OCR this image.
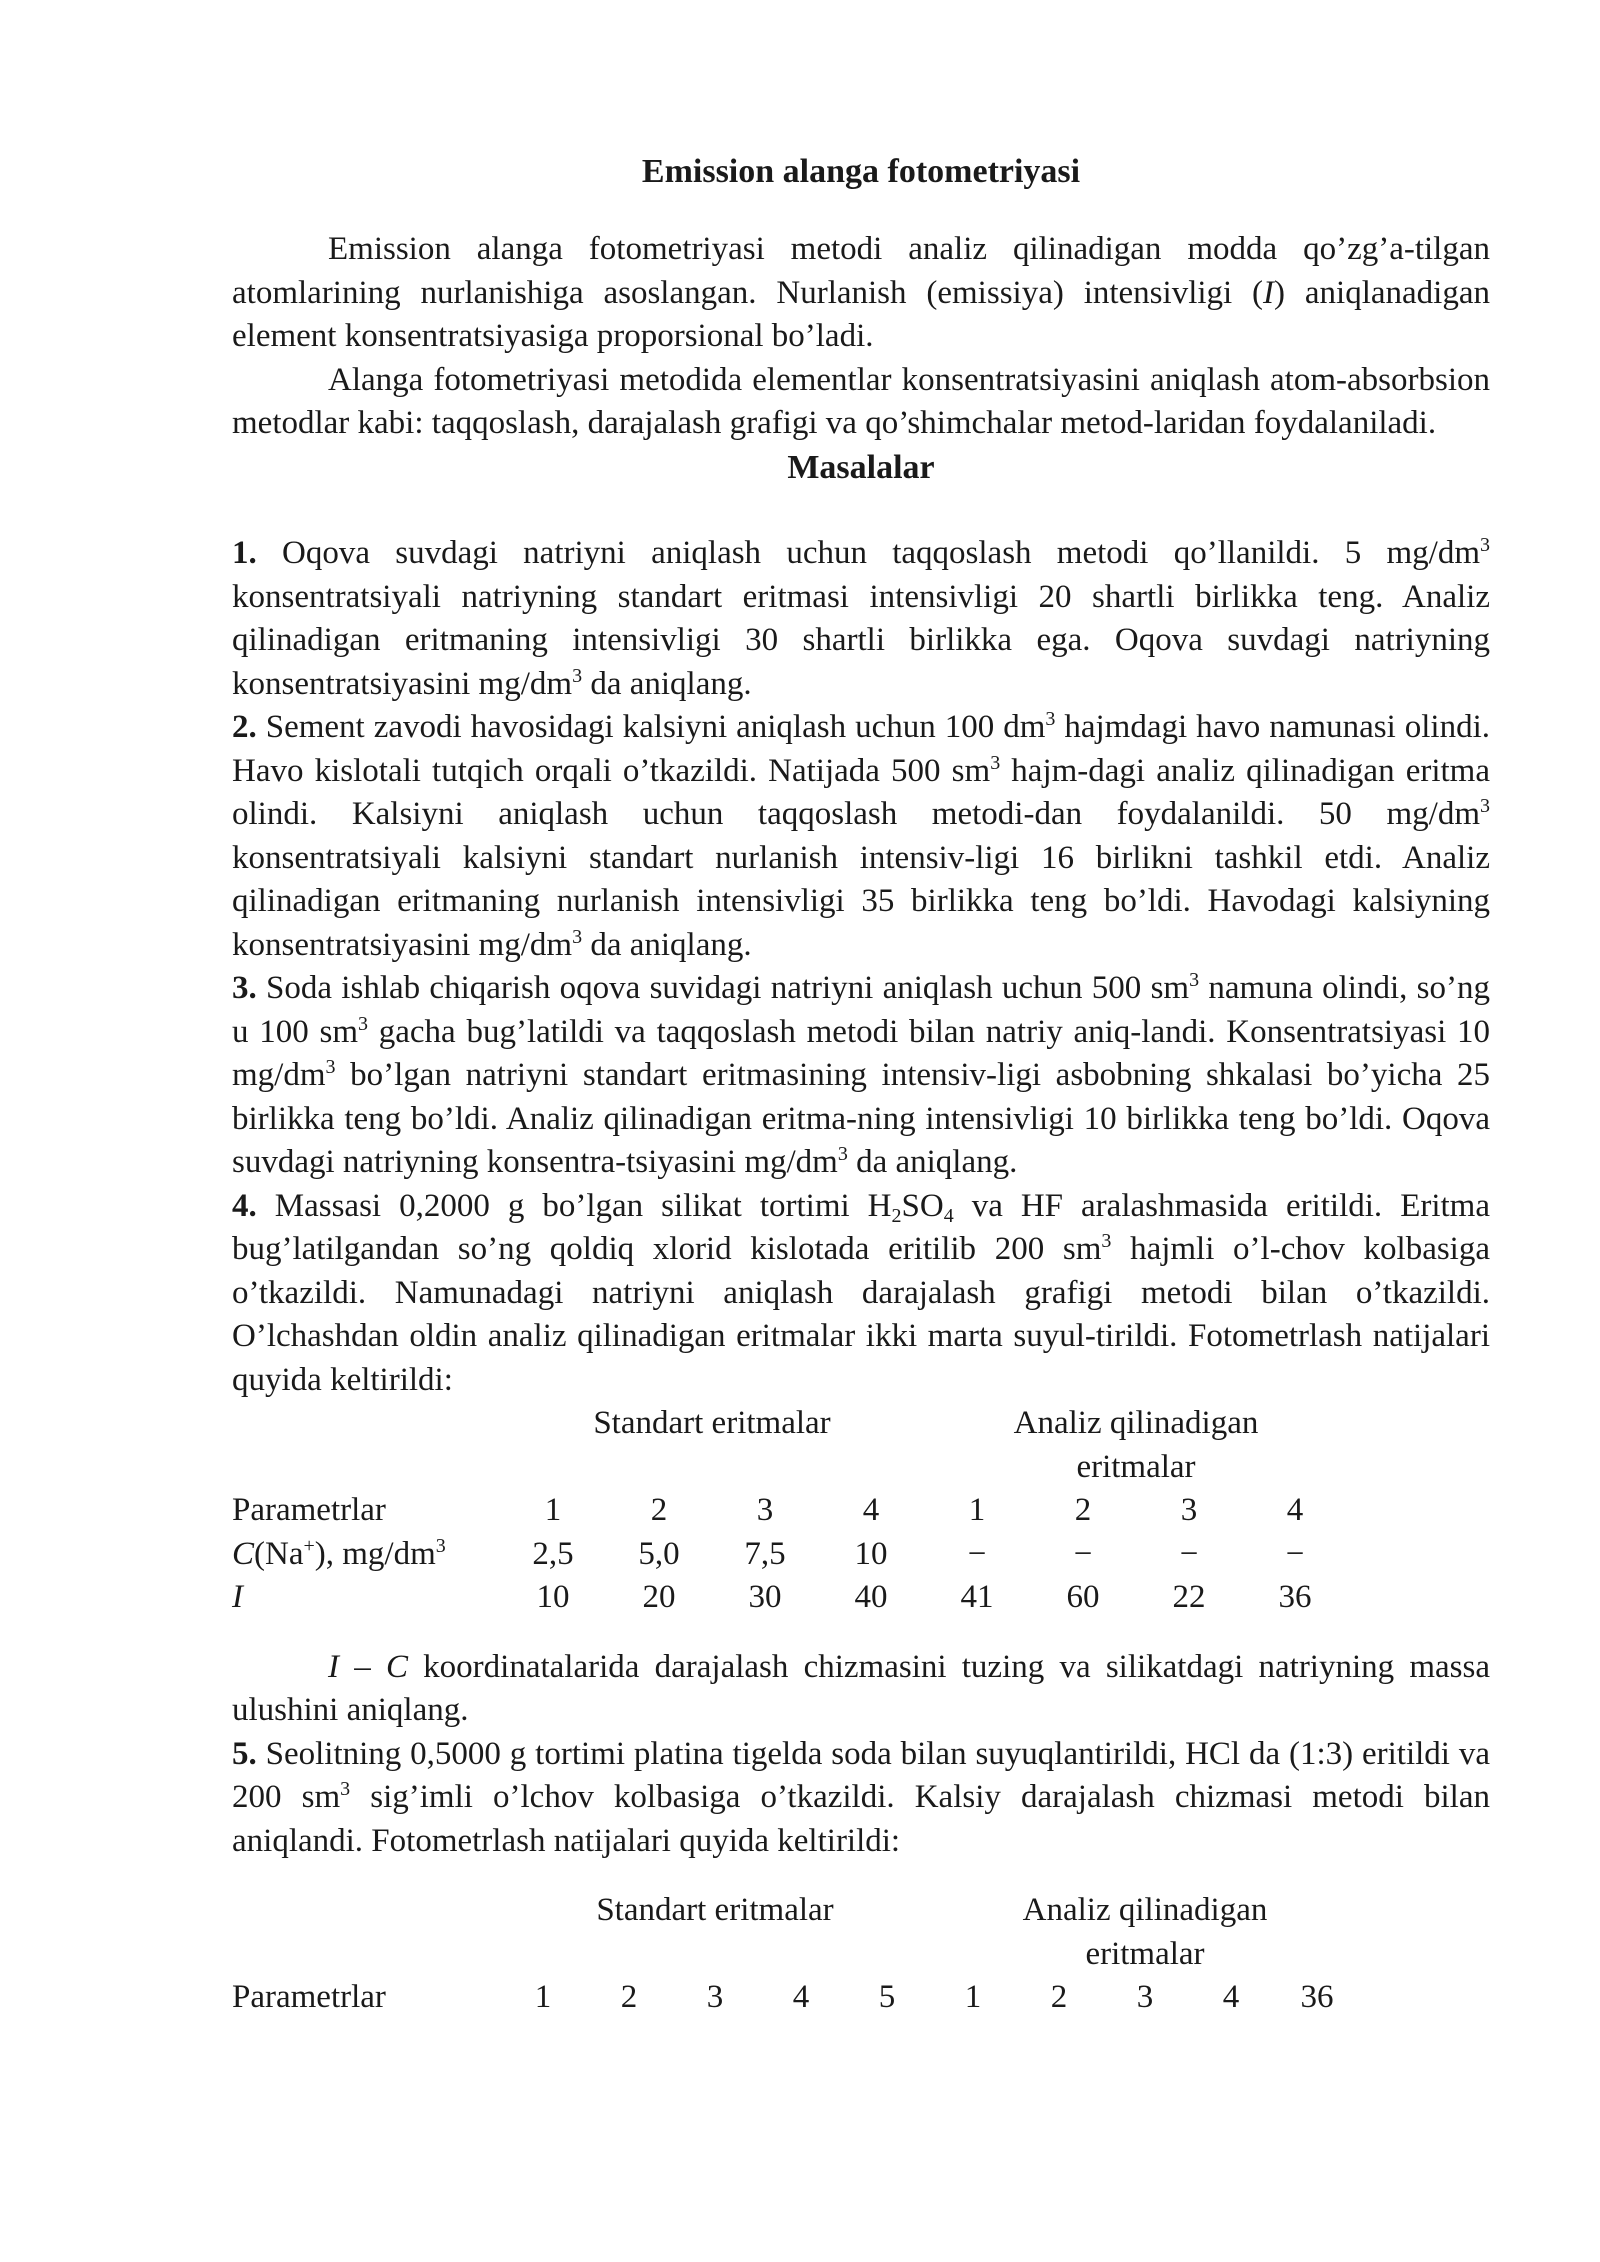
Emission alanga fotometriyasi

Emission alanga fotometriyasi metodi analiz qilinadigan modda qo’zg’a-tilgan atomlarining nurlanishiga asoslangan. Nurlanish (emissiya) intensivligi (I) aniqlanadigan element konsentratsiyasiga proporsional bo’ladi.

Alanga fotometriyasi metodida elementlar konsentratsiyasini aniqlash atom-absorbsion metodlar kabi: taqqoslash, darajalash grafigi va qo’shimchalar metod-laridan foydalaniladi.

Masalalar

1. Oqova suvdagi natriyni aniqlash uchun taqqoslash metodi qo’llanildi. 5 $mg/dm^3$ konsentratsiyali natriyning standart eritmasi intensivligi 20 shartli birlikka teng. Analiz qilinadigan eritmaning intensivligi 30 shartli birlikka ega. Oqova suvdagi natriyning konsentratsiyasini $mg/dm^3$ da aniqlang.

2. Sement zavodi havosidagi kalsiyni aniqlash uchun 100 $dm^3$ hajmdagi havo namunasi olindi. Havo kislotali tutqich orqali o’tkazildi. Natijada 500 $sm^3$ hajm-dagi analiz qilinadigan eritma olindi. Kalsiyni aniqlash uchun taqqoslash metodi-dan foydalanildi. 50 $mg/dm^3$ konsentratsiyali kalsiyni standart nurlanish intensiv-ligi 16 birlikni tashkil etdi. Analiz qilinadigan eritmaning nurlanish intensivligi 35 birlikka teng bo’ldi. Havodagi kalsiyning konsentratsiyasini $mg/dm^3$ da aniqlang.

3. Soda ishlab chiqarish oqova suvidagi natriyni aniqlash uchun 500 $sm^3$ namuna olindi, so’ng u 100 $sm^3$ gacha bug’latildi va taqqoslash metodi bilan natriy aniq-landi. Konsentratsiyasi 10 $mg/dm^3$ bo’lgan natriyni standart eritmasining intensiv-ligi asbobning shkalasi bo’yicha 25 birlikka teng bo’ldi. Analiz qilinadigan eritma-ning intensivligi 10 birlikka teng bo’ldi. Oqova suvdagi natriyning konsentra-tsiyasini $mg/dm^3$ da aniqlang.

4. Massasi 0,2000 g bo’lgan silikat tortimi $H_2SO_4$ va HF aralashmasida eritildi. Eritma bug’latilgandan so’ng qoldiq xlorid kislotada eritilib 200 $sm^3$ hajmli o’l-chov kolbasiga o’tkazildi. Namunadagi natriyni aniqlash darajalash grafigi metodi bilan o’tkazildi. O’lchashdan oldin analiz qilinadigan eritmalar ikki marta suyul-tirildi. Fotometrlash natijalari quyida keltirildi:

	Standart eritmalar				Analiz qilinadigan
eritmalar			
Parametrlar	1	2	3	4	1	2	3	4
C(Na+), $mg/dm^3$	2,5	5,0	7,5	10	−	−	−	−
I	10	20	30	40	41	60	22	36

I – C koordinatalarida darajalash chizmasini tuzing va silikatdagi natriyning massa ulushini aniqlang.

5. Seolitning 0,5000 g tortimi platina tigelda soda bilan suyuqlantirildi, HCl da (1:3) eritildi va 200 $sm^3$ sig’imli o’lchov kolbasiga o’tkazildi. Kalsiy darajalash chizmasi metodi bilan aniqlandi. Fotometrlash natijalari quyida keltirildi:

	Standart eritmalar					Analiz qilinadigan
eritmalar				
Parametrlar	1	2	3	4	5	1	2	3	4	36
